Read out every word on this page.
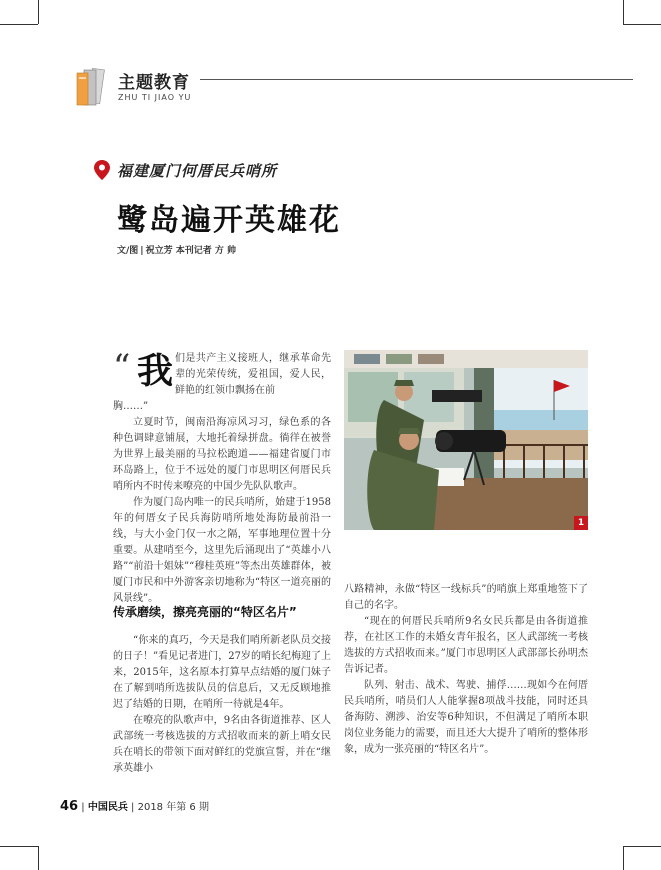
主题教育
ZHU TI JIAO YU
福建厦门何厝民兵哨所
鹭岛遍开英雄花
文/图 | 祝立芳 本刊记者 方 帅
“ 我 们是共产主义接班人，继承革命先辈的光荣传统，爱祖国，爱人民，鲜艳的红领巾飘扬在前
胸……”

立夏时节，闽南沿海凉风习习，绿色系的各种色调肆意铺展，大地托着绿拼盘。徜徉在被誉为世界上最美丽的马拉松跑道——福建省厦门市环岛路上，位于不远处的厦门市思明区何厝民兵哨所内不时传来嘹亮的中国少先队队歌声。

作为厦门岛内唯一的民兵哨所，始建于1958年的何厝女子民兵海防哨所地处海防最前沿一线，与大小金门仅一水之隔，军事地理位置十分重要。从建哨至今，这里先后涌现出了“英雄小八路”“前沿十姐妹”“穆桂英班”等杰出英雄群体，被厦门市民和中外游客亲切地称为“特区一道亮丽的风景线”。

传承磨续，擦亮亮丽的“特区名片”

“你来的真巧，今天是我们哨所新老队员交接的日子！”看见记者进门，27岁的哨长纪梅迎了上来，2015年，这名原本打算早点结婚的厦门妹子在了解到哨所选拔队员的信息后，又无反顾地推迟了结婚的日期，在哨所一待就是4年。

在嘹亮的队歌声中，9名由各街道推荐、区人武部统一考核选拔的方式招收而来的新上哨女民兵在哨长的带领下面对鲜红的党旗宣誓，并在“继承英雄小

1

八路精神，永做“特区一线标兵”的哨旗上郑重地签下了自己的名字。

“现在的何厝民兵哨所9名女民兵都是由各街道推荐，在社区工作的未婚女青年报名，区人武部统一考核选拔的方式招收而来。”厦门市思明区人武部部长孙明杰告诉记者。

队列、射击、战术、驾驶、捕俘……现如今在何厝民兵哨所，哨员们人人能掌握8项战斗技能，同时还具备海防、溯涉、治安等6种知识，不但满足了哨所本职岗位业务能力的需要，而且还大大提升了哨所的整体形象，成为一张亮丽的“特区名片”。

46 | 中国民兵 | 2018 年第 6 期
